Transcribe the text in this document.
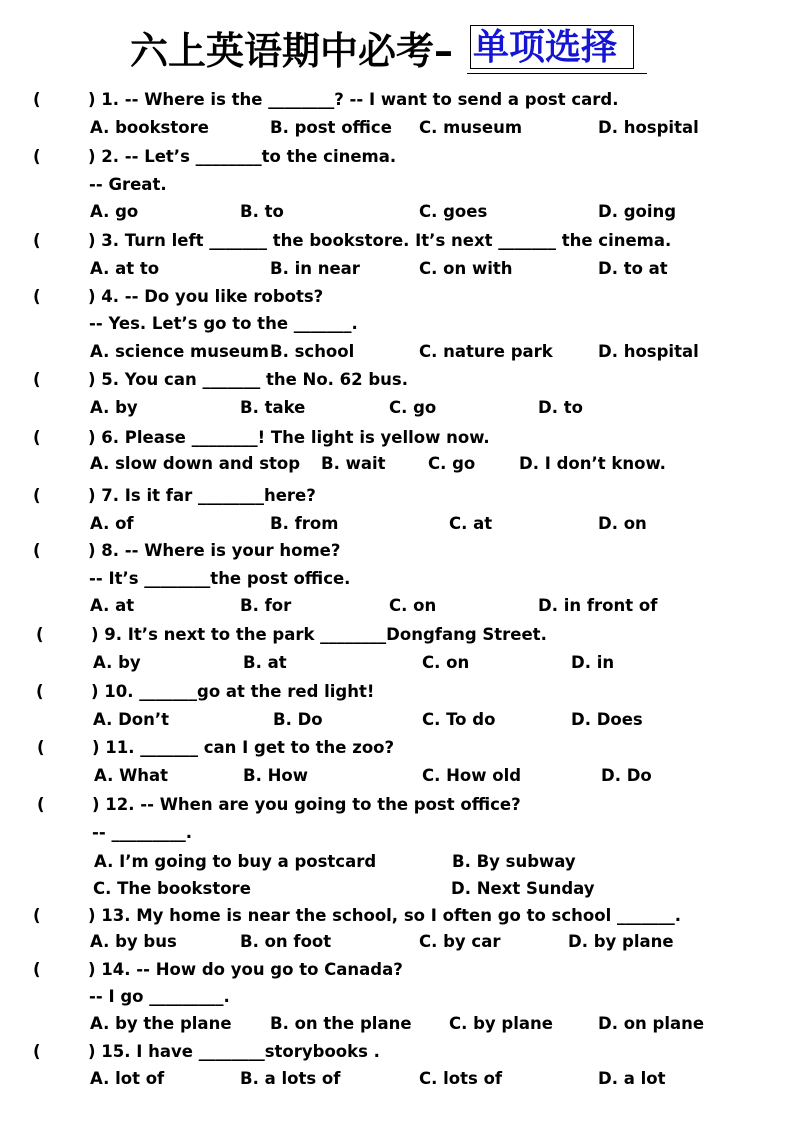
六上英语期中必考– 单项选择
(	) 1. -- Where is the ________? -- I want to send a post card.
A. bookstore	B. post office C. museum	D. hospital
(	) 2. -- Let’s ________to the cinema.
-- Great.
A. go	B. to	C. goes	D. going
(	) 3. Turn left _______ the bookstore. It’s next _______ the cinema.
A. at to	B. in near	C. on with	D. to at
(	) 4. -- Do you like robots?
-- Yes. Let’s go to the _______.
A. science museum B. school	C. nature park	D. hospital
(	) 5. You can _______ the No. 62 bus.
A. by	B. take	C. go	D. to
(	) 6. Please ________! The light is yellow now.
A. slow down and stop B. wait	C. go	D. I don’t know.
(	) 7. Is it far ________here?
A. of	B. from	C. at	D. on
(	) 8. -- Where is your home?
-- It’s ________the post office.
A. at	B. for	C. on	D. in front of
(	) 9. It’s next to the park ________Dongfang Street.
A. by	B. at	C. on	D. in
(	) 10. _______go at the red light!
A. Don’t	B. Do	C. To do	D. Does
(	) 11. _______ can I get to the zoo?
A. What	B. How	C. How old	D. Do
(	) 12. -- When are you going to the post office?
-- _________.
A. I’m going to buy a postcard	B. By subway
C. The bookstore	D. Next Sunday
(	) 13. My home is near the school, so I often go to school _______.
A. by bus	B. on foot	C. by car	D. by plane
(	) 14. -- How do you go to Canada?
-- I go _________.
A. by the plane B. on the plane C. by plane	D. on plane
(	) 15. I have ________storybooks .
A. lot of	B. a lots of	C. lots of	D. a lot
